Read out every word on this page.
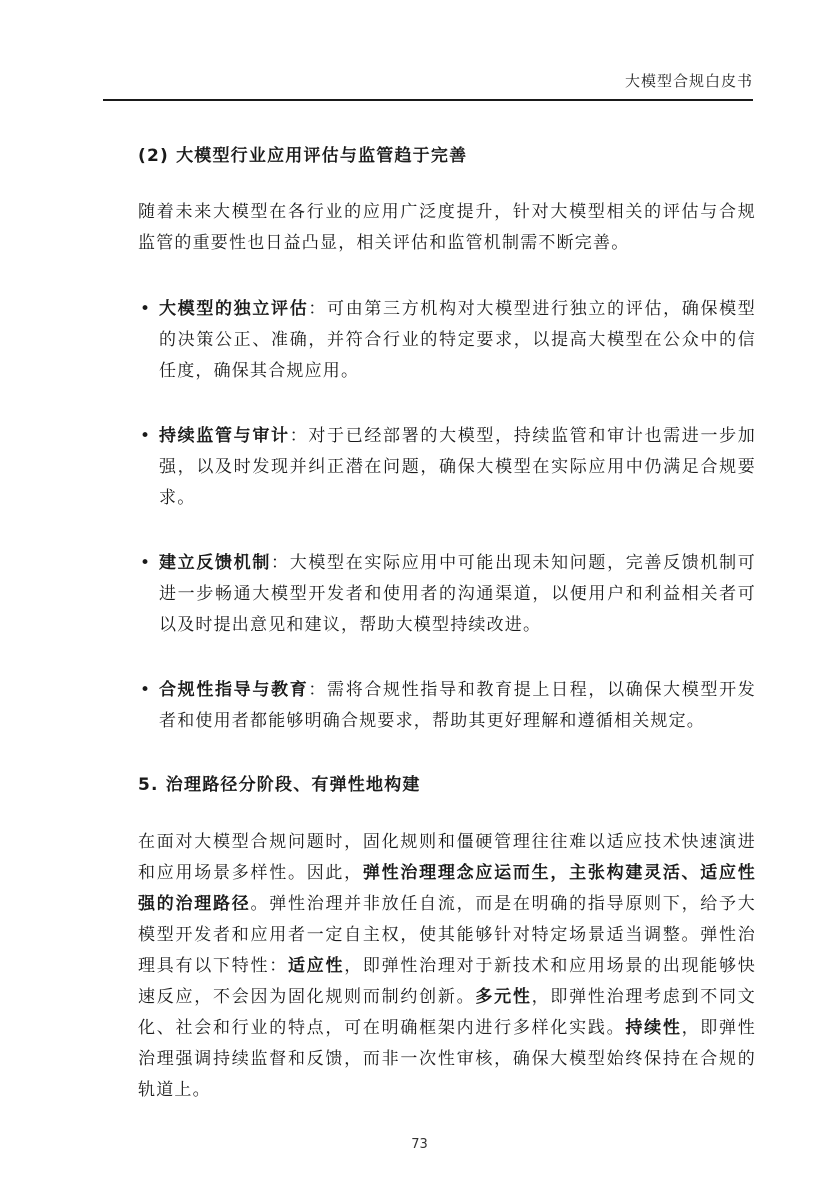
大模型合规白皮书

(2) 大模型行业应用评估与监管趋于完善

随着未来大模型在各行业的应用广泛度提升，针对大模型相关的评估与合规监管的重要性也日益凸显，相关评估和监管机制需不断完善。

• 大模型的独立评估：可由第三方机构对大模型进行独立的评估，确保模型的决策公正、准确，并符合行业的特定要求，以提高大模型在公众中的信任度，确保其合规应用。
• 持续监管与审计：对于已经部署的大模型，持续监管和审计也需进一步加强，以及时发现并纠正潜在问题，确保大模型在实际应用中仍满足合规要求。
• 建立反馈机制：大模型在实际应用中可能出现未知问题，完善反馈机制可进一步畅通大模型开发者和使用者的沟通渠道，以便用户和利益相关者可以及时提出意见和建议，帮助大模型持续改进。
• 合规性指导与教育：需将合规性指导和教育提上日程，以确保大模型开发者和使用者都能够明确合规要求，帮助其更好理解和遵循相关规定。

5. 治理路径分阶段、有弹性地构建

在面对大模型合规问题时，固化规则和僵硬管理往往难以适应技术快速演进和应用场景多样性。因此，弹性治理理念应运而生，主张构建灵活、适应性强的治理路径。弹性治理并非放任自流，而是在明确的指导原则下，给予大模型开发者和应用者一定自主权，使其能够针对特定场景适当调整。弹性治理具有以下特性：适应性，即弹性治理对于新技术和应用场景的出现能够快速反应，不会因为固化规则而制约创新。多元性，即弹性治理考虑到不同文化、社会和行业的特点，可在明确框架内进行多样化实践。持续性，即弹性治理强调持续监督和反馈，而非一次性审核，确保大模型始终保持在合规的轨道上。

73
